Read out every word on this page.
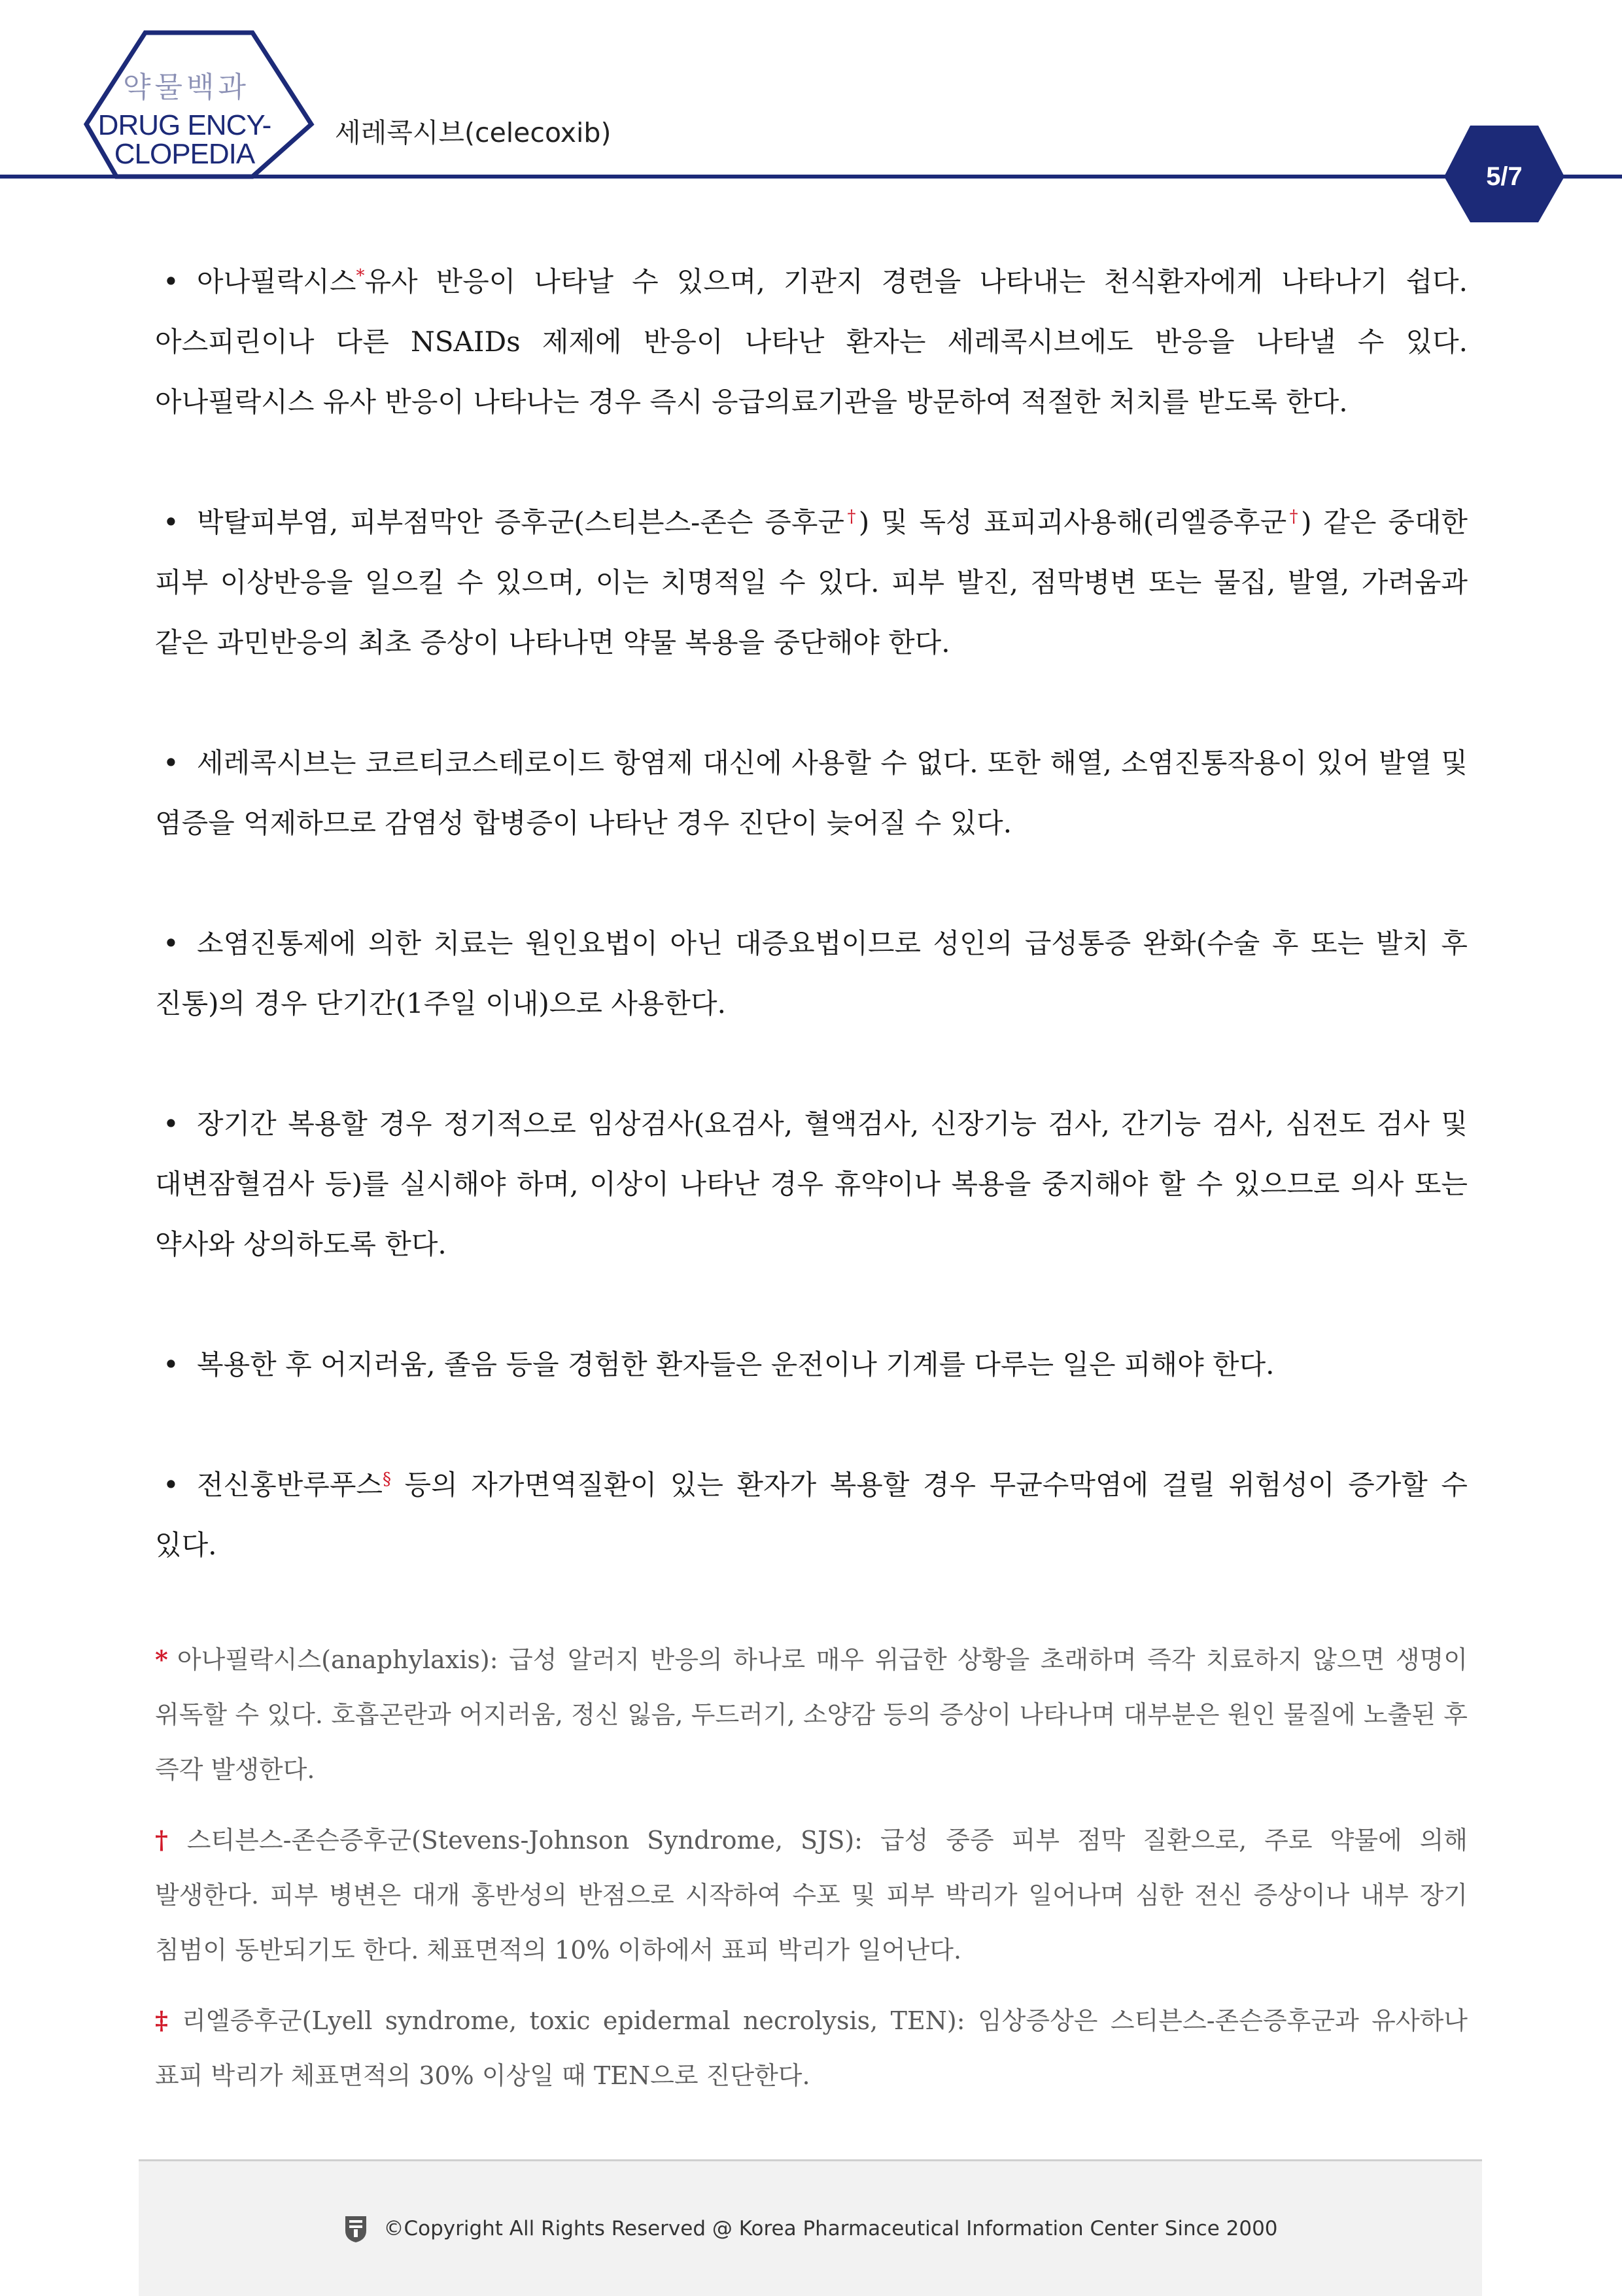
약물백과
DRUG ENCY-
CLOPEDIA
세레콕시브(celecoxib)
5/7

• 아나필락시스*유사 반응이 나타날 수 있으며, 기관지 경련을 나타내는 천식환자에게 나타나기 쉽다. 아스피린이나 다른 NSAIDs 제제에 반응이 나타난 환자는 세레콕시브에도 반응을 나타낼 수 있다. 아나필락시스 유사 반응이 나타나는 경우 즉시 응급의료기관을 방문하여 적절한 처치를 받도록 한다.

• 박탈피부염, 피부점막안 증후군(스티븐스-존슨 증후군†) 및 독성 표피괴사용해(리엘증후군†) 같은 중대한 피부 이상반응을 일으킬 수 있으며, 이는 치명적일 수 있다. 피부 발진, 점막병변 또는 물집, 발열, 가려움과 같은 과민반응의 최초 증상이 나타나면 약물 복용을 중단해야 한다.

• 세레콕시브는 코르티코스테로이드 항염제 대신에 사용할 수 없다. 또한 해열, 소염진통작용이 있어 발열 및 염증을 억제하므로 감염성 합병증이 나타난 경우 진단이 늦어질 수 있다.

• 소염진통제에 의한 치료는 원인요법이 아닌 대증요법이므로 성인의 급성통증 완화(수술 후 또는 발치 후 진통)의 경우 단기간(1주일 이내)으로 사용한다.

• 장기간 복용할 경우 정기적으로 임상검사(요검사, 혈액검사, 신장기능 검사, 간기능 검사, 심전도 검사 및 대변잠혈검사 등)를 실시해야 하며, 이상이 나타난 경우 휴약이나 복용을 중지해야 할 수 있으므로 의사 또는 약사와 상의하도록 한다.

• 복용한 후 어지러움, 졸음 등을 경험한 환자들은 운전이나 기계를 다루는 일은 피해야 한다.

• 전신홍반루푸스§ 등의 자가면역질환이 있는 환자가 복용할 경우 무균수막염에 걸릴 위험성이 증가할 수 있다.

* 아나필락시스(anaphylaxis): 급성 알러지 반응의 하나로 매우 위급한 상황을 초래하며 즉각 치료하지 않으면 생명이 위독할 수 있다. 호흡곤란과 어지러움, 정신 잃음, 두드러기, 소양감 등의 증상이 나타나며 대부분은 원인 물질에 노출된 후 즉각 발생한다.

† 스티븐스-존슨증후군(Stevens-Johnson Syndrome, SJS): 급성 중증 피부 점막 질환으로, 주로 약물에 의해 발생한다. 피부 병변은 대개 홍반성의 반점으로 시작하여 수포 및 피부 박리가 일어나며 심한 전신 증상이나 내부 장기 침범이 동반되기도 한다. 체표면적의 10% 이하에서 표피 박리가 일어난다.

‡ 리엘증후군(Lyell syndrome, toxic epidermal necrolysis, TEN): 임상증상은 스티븐스-존슨증후군과 유사하나 표피 박리가 체표면적의 30% 이상일 때 TEN으로 진단한다.

©Copyright All Rights Reserved @ Korea Pharmaceutical Information Center Since 2000
